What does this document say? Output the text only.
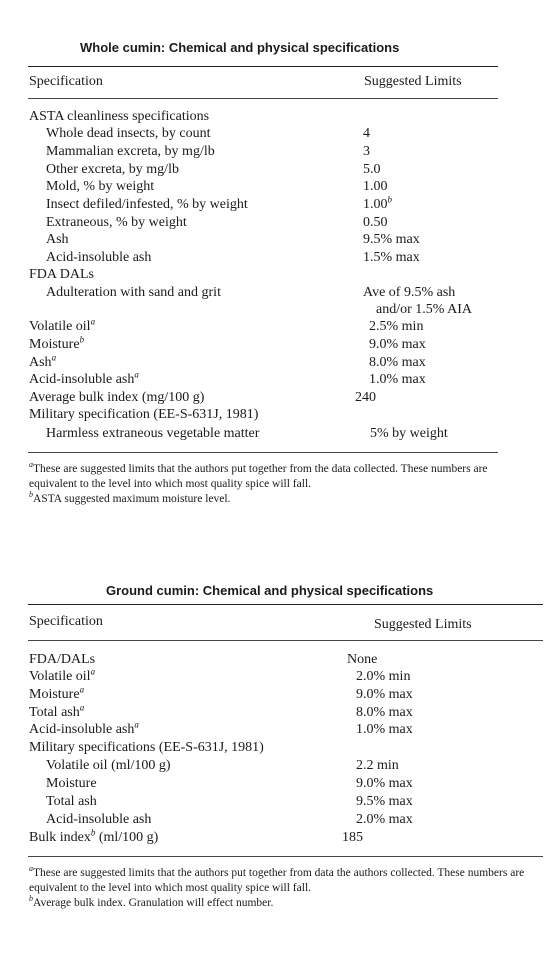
Whole cumin: Chemical and physical specifications
Specification	Suggested Limits
ASTA cleanliness specifications
Whole dead insects, by count	4
Mammalian excreta, by mg/lb	3
Other excreta, by mg/lb	5.0
Mold, % by weight	1.00
Insect defiled/infested, % by weight	1.00$^b$
Extraneous, % by weight	0.50
Ash	9.5% max
Acid-insoluble ash	1.5% max
FDA DALs
Adulteration with sand and grit	Ave of 9.5% ash
and/or 1.5% AIA
Volatile oil$^a$	2.5% min
Moisture$^b$	9.0% max
Ash$^a$	8.0% max
Acid-insoluble ash$^a$	1.0% max
Average bulk index (mg/100 g)	240
Military specification (EE-S-631J, 1981)
Harmless extraneous vegetable matter	5% by weight

$^a$These are suggested limits that the authors put together from the data collected. These numbers are equivalent to the level into which most quality spice will fall.

$^b$ASTA suggested maximum moisture level.

Ground cumin: Chemical and physical specifications
Specification	Suggested Limits
FDA/DALs	None
Volatile oil$^a$	2.0% min
Moisture$^a$	9.0% max
Total ash$^a$	8.0% max
Acid-insoluble ash$^a$	1.0% max
Military specifications (EE-S-631J, 1981)
Volatile oil (ml/100 g)	2.2 min
Moisture	9.0% max
Total ash	9.5% max
Acid-insoluble ash	2.0% max
Bulk index$^b$ (ml/100 g)	185

$^a$These are suggested limits that the authors put together from data the authors collected. These numbers are equivalent to the level into which most quality spice will fall.

$^b$Average bulk index. Granulation will effect number.
